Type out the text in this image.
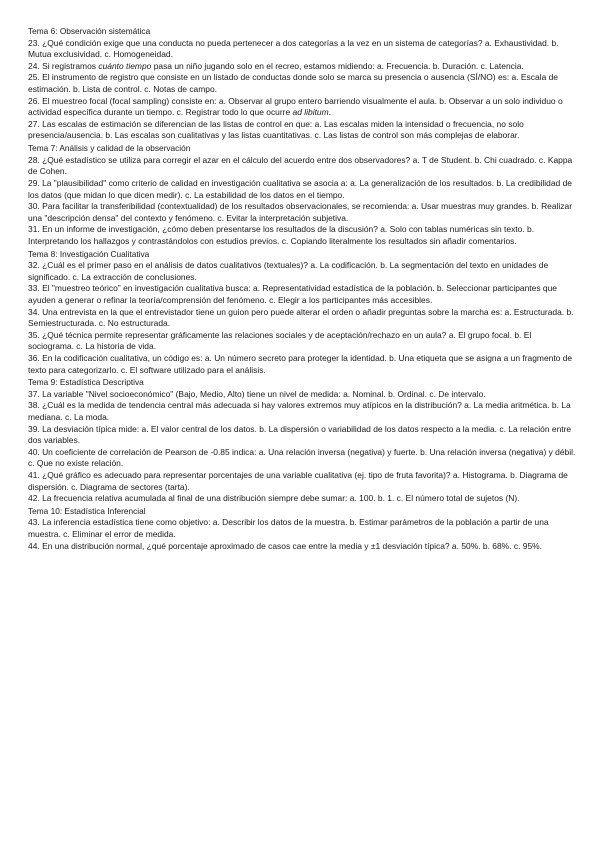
Tema 6: Observación sistemática

23. ¿Qué condición exige que una conducta no pueda pertenecer a dos categorías a la vez en un sistema de categorías? a. Exhaustividad. b. Mutua exclusividad. c. Homogeneidad.

24. Si registramos cuánto tiempo pasa un niño jugando solo en el recreo, estamos midiendo: a. Frecuencia. b. Duración. c. Latencia.

25. El instrumento de registro que consiste en un listado de conductas donde solo se marca su presencia o ausencia (SÍ/NO) es: a. Escala de estimación. b. Lista de control. c. Notas de campo.

26. El muestreo focal (focal sampling) consiste en: a. Observar al grupo entero barriendo visualmente el aula. b. Observar a un solo individuo o actividad específica durante un tiempo. c. Registrar todo lo que ocurre ad libitum.

27. Las escalas de estimación se diferencian de las listas de control en que: a. Las escalas miden la intensidad o frecuencia, no solo presencia/ausencia. b. Las escalas son cualitativas y las listas cuantitativas. c. Las listas de control son más complejas de elaborar.

Tema 7: Análisis y calidad de la observación

28. ¿Qué estadístico se utiliza para corregir el azar en el cálculo del acuerdo entre dos observadores? a. T de Student. b. Chi cuadrado. c. Kappa de Cohen.

29. La "plausibilidad" como criterio de calidad en investigación cualitativa se asocia a: a. La generalización de los resultados. b. La credibilidad de los datos (que midan lo que dicen medir). c. La estabilidad de los datos en el tiempo.

30. Para facilitar la transferibilidad (contextualidad) de los resultados observacionales, se recomienda: a. Usar muestras muy grandes. b. Realizar una "descripción densa" del contexto y fenómeno. c. Evitar la interpretación subjetiva.

31. En un informe de investigación, ¿cómo deben presentarse los resultados de la discusión? a. Solo con tablas numéricas sin texto. b. Interpretando los hallazgos y contrastándolos con estudios previos. c. Copiando literalmente los resultados sin añadir comentarios.

Tema 8: Investigación Cualitativa

32. ¿Cuál es el primer paso en el análisis de datos cualitativos (textuales)? a. La codificación. b. La segmentación del texto en unidades de significado. c. La extracción de conclusiones.

33. El "muestreo teórico" en investigación cualitativa busca: a. Representatividad estadística de la población. b. Seleccionar participantes que ayuden a generar o refinar la teoría/comprensión del fenómeno. c. Elegir a los participantes más accesibles.

34. Una entrevista en la que el entrevistador tiene un guion pero puede alterar el orden o añadir preguntas sobre la marcha es: a. Estructurada. b. Semiestructurada. c. No estructurada.

35. ¿Qué técnica permite representar gráficamente las relaciones sociales y de aceptación/rechazo en un aula? a. El grupo focal. b. El sociograma. c. La historia de vida.

36. En la codificación cualitativa, un código es: a. Un número secreto para proteger la identidad. b. Una etiqueta que se asigna a un fragmento de texto para categorizarlo. c. El software utilizado para el análisis.

Tema 9: Estadística Descriptiva

37. La variable "Nivel socioeconómico" (Bajo, Medio, Alto) tiene un nivel de medida: a. Nominal. b. Ordinal. c. De intervalo.

38. ¿Cuál es la medida de tendencia central más adecuada si hay valores extremos muy atípicos en la distribución? a. La media aritmética. b. La mediana. c. La moda.

39. La desviación típica mide: a. El valor central de los datos. b. La dispersión o variabilidad de los datos respecto a la media. c. La relación entre dos variables.

40. Un coeficiente de correlación de Pearson de -0.85 indica: a. Una relación inversa (negativa) y fuerte. b. Una relación inversa (negativa) y débil. c. Que no existe relación.

41. ¿Qué gráfico es adecuado para representar porcentajes de una variable cualitativa (ej. tipo de fruta favorita)? a. Histograma. b. Diagrama de dispersión. c. Diagrama de sectores (tarta).

42. La frecuencia relativa acumulada al final de una distribución siempre debe sumar: a. 100. b. 1. c. El número total de sujetos (N).

Tema 10: Estadística Inferencial

43. La inferencia estadística tiene como objetivo: a. Describir los datos de la muestra. b. Estimar parámetros de la población a partir de una muestra. c. Eliminar el error de medida.

44. En una distribución normal, ¿qué porcentaje aproximado de casos cae entre la media y ±1 desviación típica? a. 50%. b. 68%. c. 95%.
